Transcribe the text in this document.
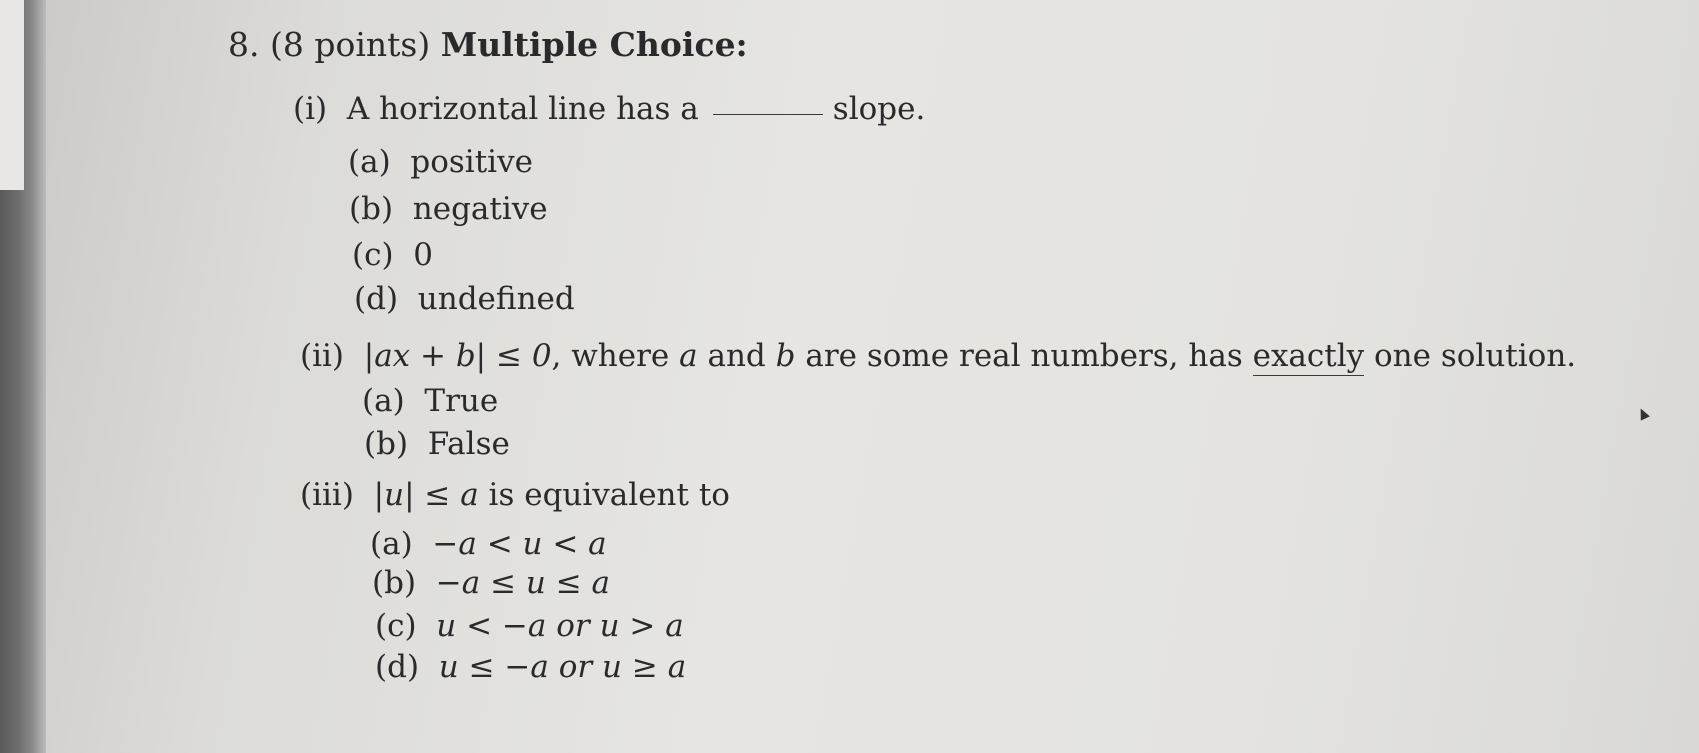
8. (8 points) Multiple Choice:
(i) A horizontal line has a	slope.
(a) positive
(b) negative
(c) 0
(d) undefined
(ii) |ax + b| ≤ 0, where a and b are some real numbers, has exactly one solution.
(a) True
(b) False
(iii) |u| ≤ a is equivalent to
(a) −a < u < a
(b) −a ≤ u ≤ a
(c) u < −a or u > a
(d) u ≤ −a or u ≥ a
